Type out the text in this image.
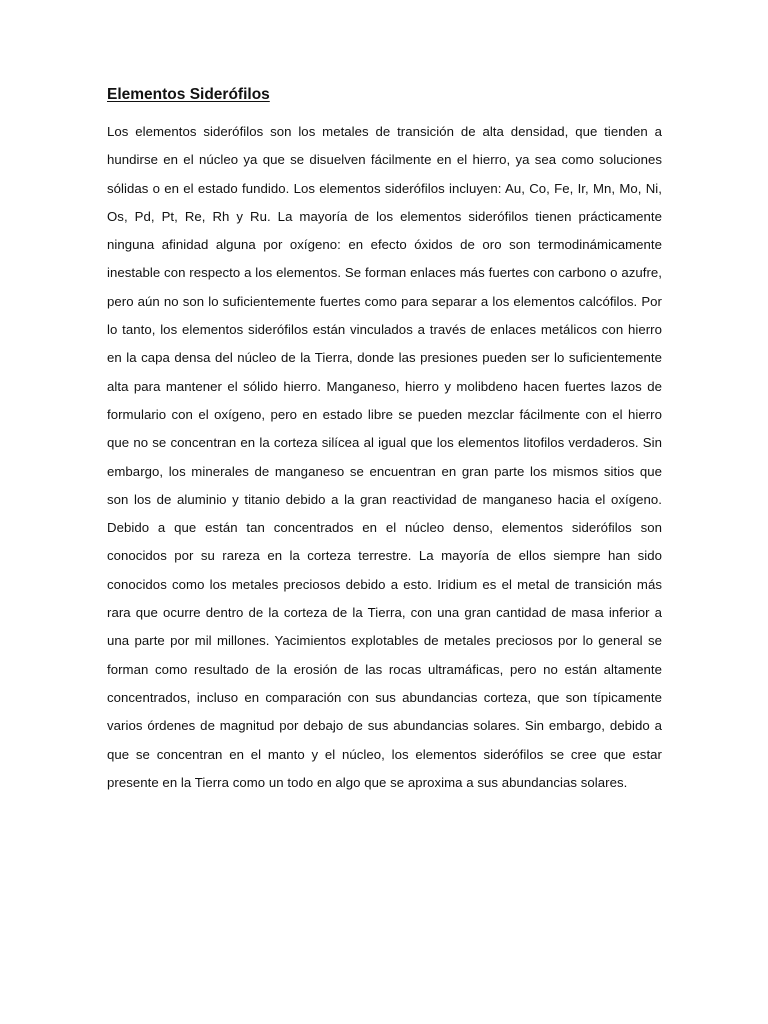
Elementos Sideróf﻿ilos

Los elementos siderófilos son los metales de transición de alta densidad, que tienden a hundirse en el núcleo ya que se disuelven fácilmente en el hierro, ya sea como soluciones sólidas o en el estado fundido. Los elementos siderófilos incluyen: Au, Co, Fe, Ir, Mn, Mo, Ni, Os, Pd, Pt, Re, Rh y Ru. La mayoría de los elementos siderófilos tienen prácticamente ninguna afinidad alguna por oxígeno: en efecto óxidos de oro son termodinámicamente inestable con respecto a los elementos. Se forman enlaces más fuertes con carbono o azufre, pero aún no son lo suficientemente fuertes como para separar a los elementos calcófilos. Por lo tanto, los elementos siderófilos están vinculados a través de enlaces metálicos con hierro en la capa densa del núcleo de la Tierra, donde las presiones pueden ser lo suficientemente alta para mantener el sólido hierro. Manganeso, hierro y molibdeno hacen fuertes lazos de formulario con el oxígeno, pero en estado libre se pueden mezclar fácilmente con el hierro que no se concentran en la corteza silícea al igual que los elementos litofilos verdaderos. Sin embargo, los minerales de manganeso se encuentran en gran parte los mismos sitios que son los de aluminio y titanio debido a la gran reactividad de manganeso hacia el oxígeno. Debido a que están tan concentrados en el núcleo denso, elementos siderófilos son conocidos por su rareza en la corteza terrestre. La mayoría de ellos siempre han sido conocidos como los metales preciosos debido a esto. Iridium es el metal de transición más rara que ocurre dentro de la corteza de la Tierra, con una gran cantidad de masa inferior a una parte por mil millones. Yacimientos explotables de metales preciosos por lo general se forman como resultado de la erosión de las rocas ultramáficas, pero no están altamente concentrados, incluso en comparación con sus abundancias corteza, que son típicamente varios órdenes de magnitud por debajo de sus abundancias solares. Sin embargo, debido a que se concentran en el manto y el núcleo, los elementos siderófilos se cree que estar presente en la Tierra como un todo en algo que se aproxima a sus abundancias solares.
